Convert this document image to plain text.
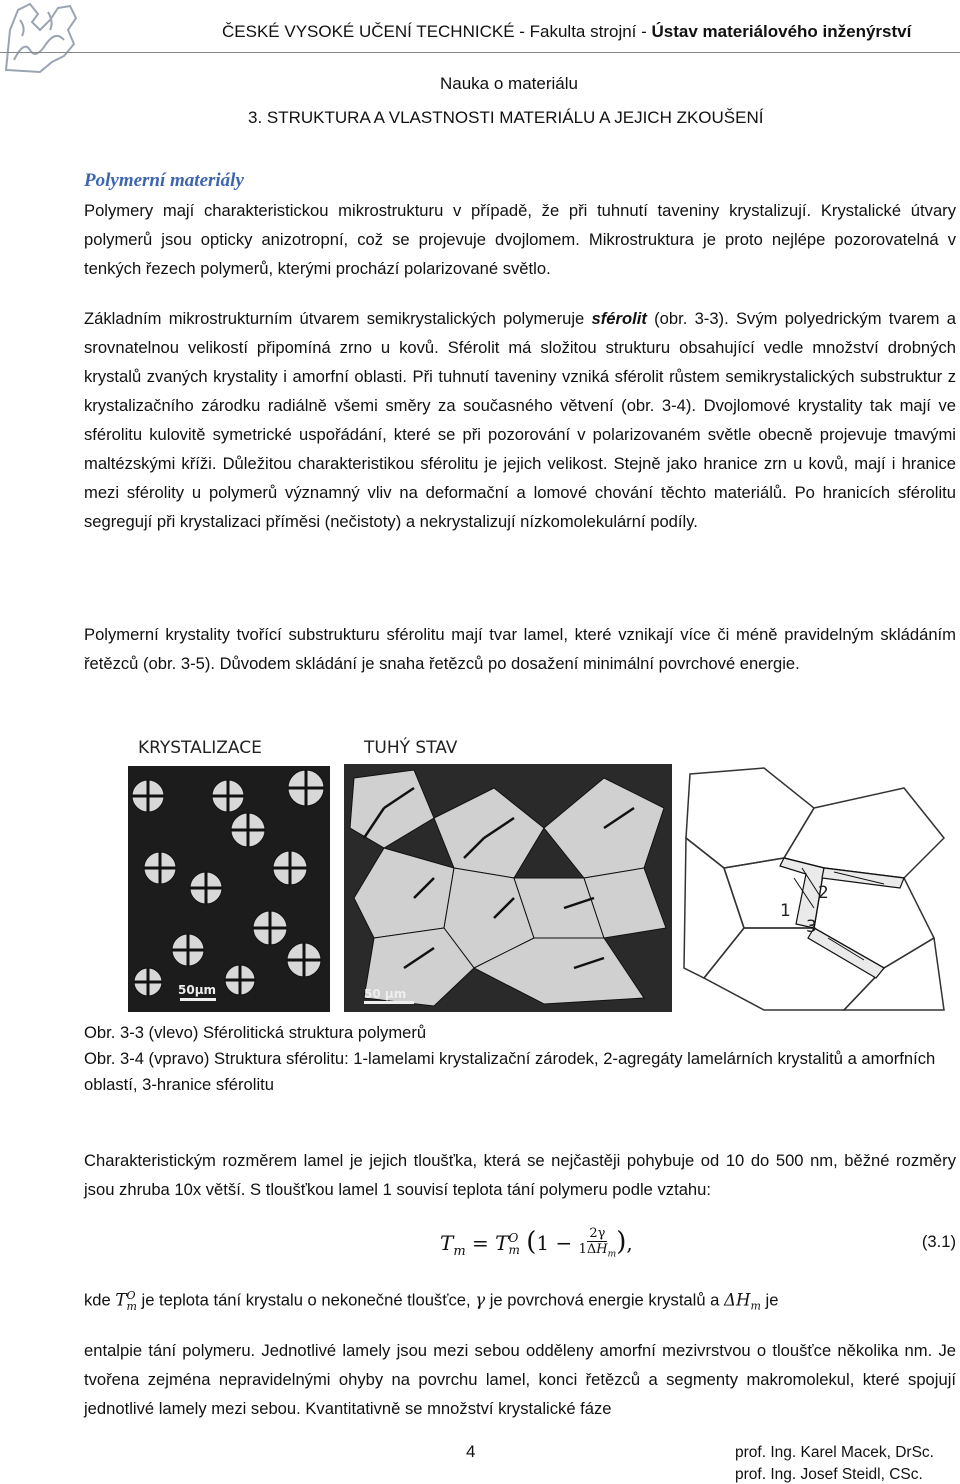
ČESKÉ VYSOKÉ UČENÍ TECHNICKÉ - Fakulta strojní - Ústav materiálového inženýrství
Nauka o materiálu
3. STRUKTURA A VLASTNOSTI MATERIÁLU A JEJICH ZKOUŠENÍ
Polymerní materiály
Polymery mají charakteristickou mikrostrukturu v případě, že při tuhnutí taveniny krystalizují. Krystalické útvary polymerů jsou opticky anizotropní, což se projevuje dvojlomem. Mikrostruktura je proto nejlépe pozorovatelná v tenkých řezech polymerů, kterými prochází polarizované světlo.
Základním mikrostrukturním útvarem semikrystalických polymeruje sférolit (obr. 3-3). Svým polyedrickým tvarem a srovnatelnou velikostí připomíná zrno u kovů. Sférolit má složitou strukturu obsahující vedle množství drobných krystalů zvaných krystality i amorfní oblasti. Při tuhnutí taveniny vzniká sférolit růstem semikrystalických substruktur z krystalizačního zárodku radiálně všemi směry za současného větvení (obr. 3-4). Dvojlomové krystality tak mají ve sférolitu kulovitě symetrické uspořádání, které se při pozorování v polarizovaném světle obecně projevuje tmavými maltézskými kříži. Důležitou charakteristikou sférolitu je jejich velikost. Stejně jako hranice zrn u kovů, mají i hranice mezi sférolity u polymerů významný vliv na deformační a lomové chování těchto materiálů. Po hranicích sférolitu segregují při krystalizaci příměsi (nečistoty) a nekrystalizují nízkomolekulární podíly.
Polymerní krystality tvořící substrukturu sférolitu mají tvar lamel, které vznikají více či méně pravidelným skládáním řetězců (obr. 3-5). Důvodem skládání je snaha řetězců po dosažení minimální povrchové energie.
KRYSTALIZACE
50μm
TUHÝ STAV
50 μm
2
1
3
Obr. 3-3 (vlevo) Sférolitická struktura polymerů
Obr. 3-4 (vpravo) Struktura sférolitu: 1-lamelami krystalizační zárodek, 2-agregáty lamelárních krystalitů a amorfních oblastí, 3-hranice sférolitu
Charakteristickým rozměrem lamel je jejich tloušťka, která se nejčastěji pohybuje od 10 do 500 nm, běžné rozměry jsou zhruba 10x větší. S tloušťkou lamel 1 souvisí teplota tání polymeru podle vztahu:
$T_m = T$ O
m (1 − 2γ
$1\Delta H_m$ ),	(3.1)
kde T O
m je teplota tání krystalu o nekonečné tloušťce, γ je povrchová energie krystalů a $\Delta H_m$ je
entalpie tání polymeru. Jednotlivé lamely jsou mezi sebou odděleny amorfní mezivrstvou o tloušťce několika nm. Je tvořena zejména nepravidelnými ohyby na povrchu lamel, konci řetězců a segmenty makromolekul, které spojují jednotlivé lamely mezi sebou. Kvantitativně se množství krystalické fáze
4	prof. Ing. Karel Macek, DrSc.
prof. Ing. Josef Steidl, CSc.
